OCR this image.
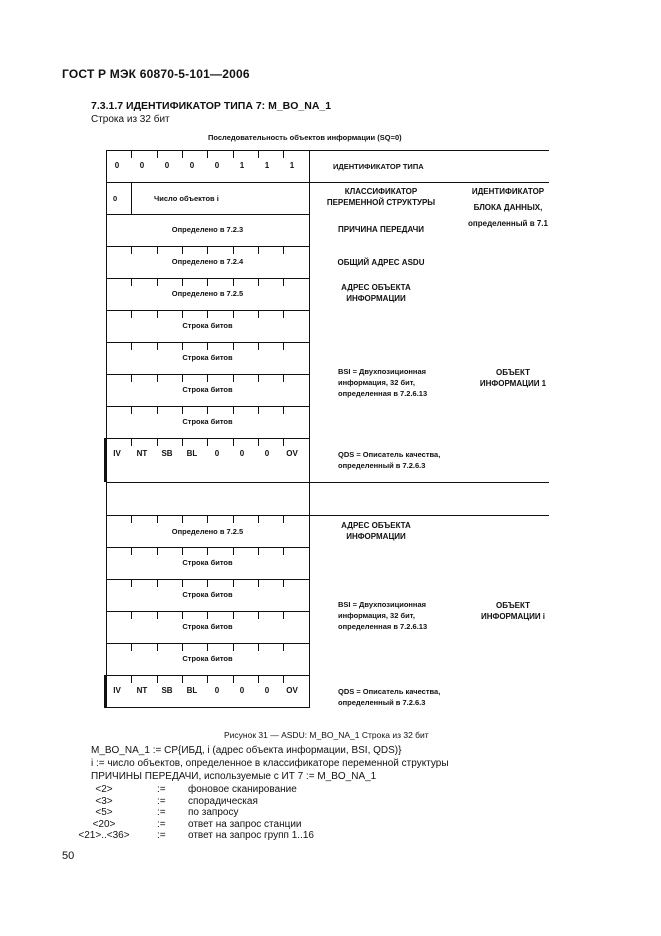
ГОСТ Р МЭК 60870-5-101—2006
7.3.1.7 ИДЕНТИФИКАТОР ТИПА 7: M_BO_NA_1
Строка из 32 бит
Последовательность объектов информации (SQ=0)
0	0	0	0	0	1	1	1	ИДЕНТИФИКАТОР ТИПА
0	Число объектов i
КЛАССИФИКАТОР ПЕРЕМЕННОЙ СТРУКТУРЫ
Определено в 7.2.3	ПРИЧИНА ПЕРЕДАЧИ
Определено в 7.2.4	ОБЩИЙ АДРЕС ASDU
ИДЕНТИФИКАТОР БЛОКА ДАННЫХ, определенный в 7.1
Определено в 7.2.5
АДРЕС ОБЪЕКТА ИНФОРМАЦИИ
Строка битов
Строка битов
Строка битов
Строка битов
BSI = Двухпозиционная информация, 32 бит, определенная в 7.2.6.13
ОБЪЕКТ ИНФОРМАЦИИ 1
IV	NT	SB	BL	0	0	0	OV	QDS = Описатель качества, определенный в 7.2.6.3
Определено в 7.2.5
АДРЕС ОБЪЕКТА ИНФОРМАЦИИ
Строка битов
Строка битов
Строка битов
Строка битов
BSI = Двухпозиционная информация, 32 бит, определенная в 7.2.6.13
ОБЪЕКТ ИНФОРМАЦИИ i
IV	NT	SB	BL	0	0	0	OV	QDS = Описатель качества, определенный в 7.2.6.3
Рисунок 31 — ASDU: M_BO_NA_1 Строка из 32 бит
M_BO_NA_1 := CP{ИБД, i (адрес объекта информации, BSI, QDS)}
i := число объектов, определенное в классификаторе переменной структуры
ПРИЧИНЫ ПЕРЕДАЧИ, используемые с ИТ 7 := M_BO_NA_1
<2>	:= фоновое сканирование
<3>	:= спорадическая
<5>	:= по запросу
<20>	:= ответ на запрос станции
<21>..<36>	:= ответ на запрос групп 1..16
50
